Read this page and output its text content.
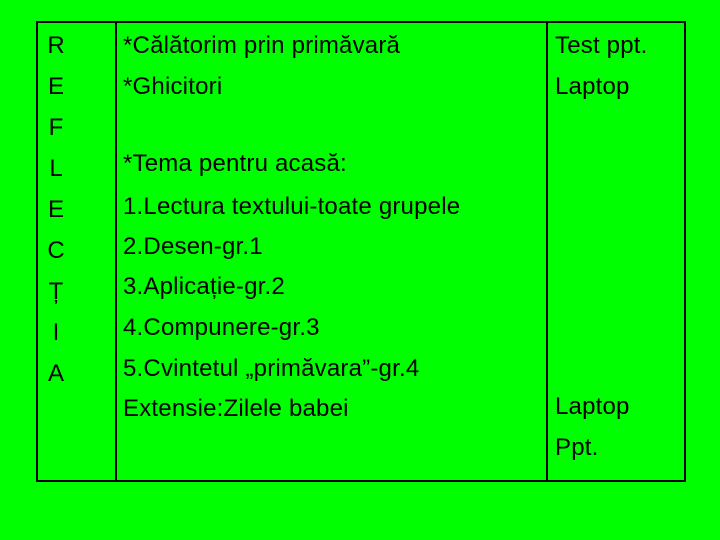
R
E
F
L
E
C
Ț
I
A
*Călătorim prin primăvară
*Ghicitori
*Tema pentru acasă:
1.Lectura textului-toate grupele
2.Desen-gr.1
3.Aplicație-gr.2
4.Compunere-gr.3
5.Cvintetul „primăvara”-gr.4
Extensie:Zilele babei
Test ppt.
Laptop
Laptop
Ppt.
